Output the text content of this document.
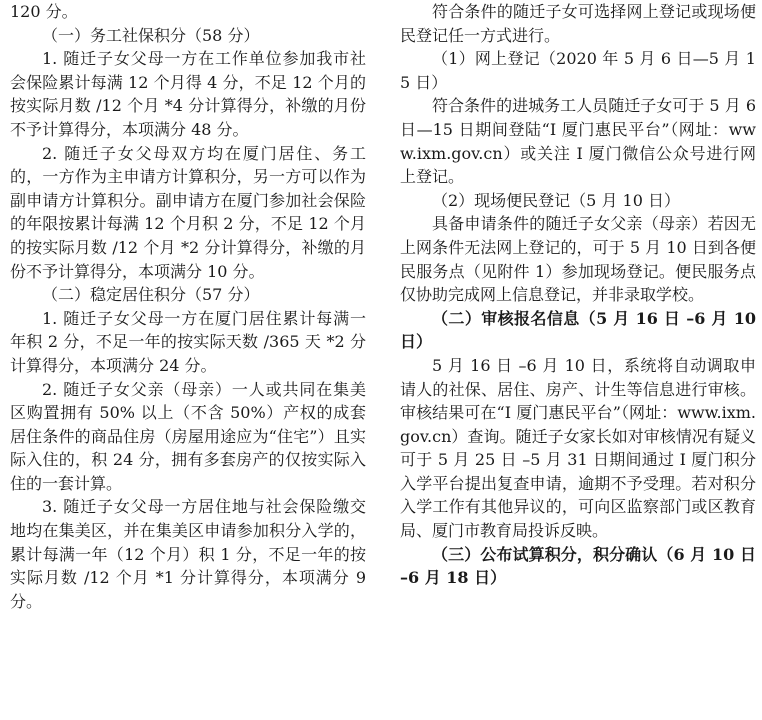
120 分。

（一）务工社保积分（58 分）

1. 随迁子女父母一方在工作单位参加我市社会保险累计每满 12 个月得 4 分，不足 12 个月的按实际月数 /12 个月 *4 分计算得分，补缴的月份不予计算得分，本项满分 48 分。

2. 随迁子女父母双方均在厦门居住、务工的，一方作为主申请方计算积分，另一方可以作为副申请方计算积分。副申请方在厦门参加社会保险的年限按累计每满 12 个月积 2 分，不足 12 个月的按实际月数 /12 个月 *2 分计算得分，补缴的月份不予计算得分，本项满分 10 分。

（二）稳定居住积分（57 分）

1. 随迁子女父母一方在厦门居住累计每满一年积 2 分，不足一年的按实际天数 /365 天 *2 分计算得分，本项满分 24 分。

2. 随迁子女父亲（母亲）一人或共同在集美区购置拥有 50% 以上（不含 50%）产权的成套居住条件的商品住房（房屋用途应为“住宅”）且实际入住的，积 24 分，拥有多套房产的仅按实际入住的一套计算。

3. 随迁子女父母一方居住地与社会保险缴交地均在集美区，并在集美区申请参加积分入学的，累计每满一年（12 个月）积 1 分，不足一年的按实际月数 /12 个月 *1 分计算得分，本项满分 9 分。

符合条件的随迁子女可选择网上登记或现场便民登记任一方式进行。

（1）网上登记（2020 年 5 月 6 日—5 月 15 日）

符合条件的进城务工人员随迁子女可于 5 月 6 日—15 日期间登陆“I 厦门惠民平台”（网址：www.ixm.gov.cn）或关注 I 厦门微信公众号进行网上登记。

（2）现场便民登记（5 月 10 日）

具备申请条件的随迁子女父亲（母亲）若因无上网条件无法网上登记的，可于 5 月 10 日到各便民服务点（见附件 1）参加现场登记。便民服务点仅协助完成网上信息登记，并非录取学校。

（二）审核报名信息（5 月 16 日 –6 月 10 日）

5 月 16 日 –6 月 10 日，系统将自动调取申请人的社保、居住、房产、计生等信息进行审核。审核结果可在“I 厦门惠民平台”（网址：www.ixm.gov.cn）查询。随迁子女家长如对审核情况有疑义可于 5 月 25 日 –5 月 31 日期间通过 I 厦门积分入学平台提出复查申请，逾期不予受理。若对积分入学工作有其他异议的，可向区监察部门或区教育局、厦门市教育局投诉反映。

（三）公布试算积分，积分确认（6 月 10 日 –6 月 18 日）
